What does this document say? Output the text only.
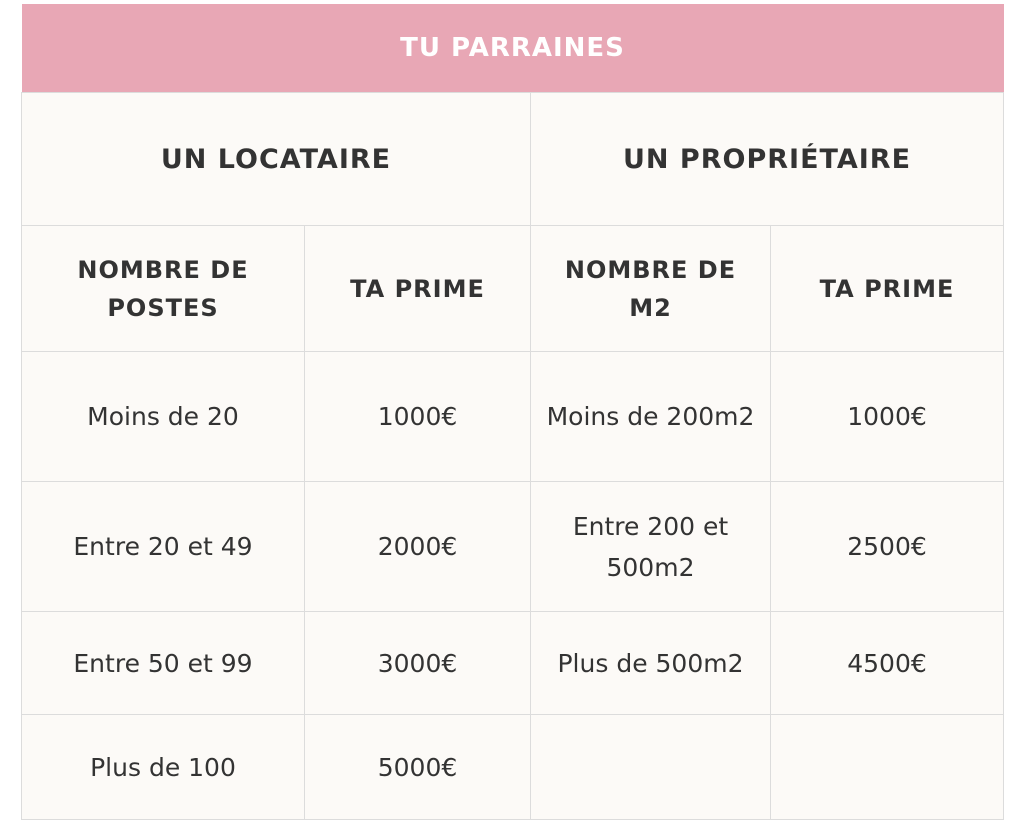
TU PARRAINES			
UN LOCATAIRE		UN PROPRIÉTAIRE	
NOMBRE DE POSTES	TA PRIME	NOMBRE DE M2	TA PRIME
Moins de 20	1000€	Moins de 200m2	1000€
Entre 20 et 49	2000€	Entre 200 et 500m2	2500€
Entre 50 et 99	3000€	Plus de 500m2	4500€
Plus de 100	5000€		
